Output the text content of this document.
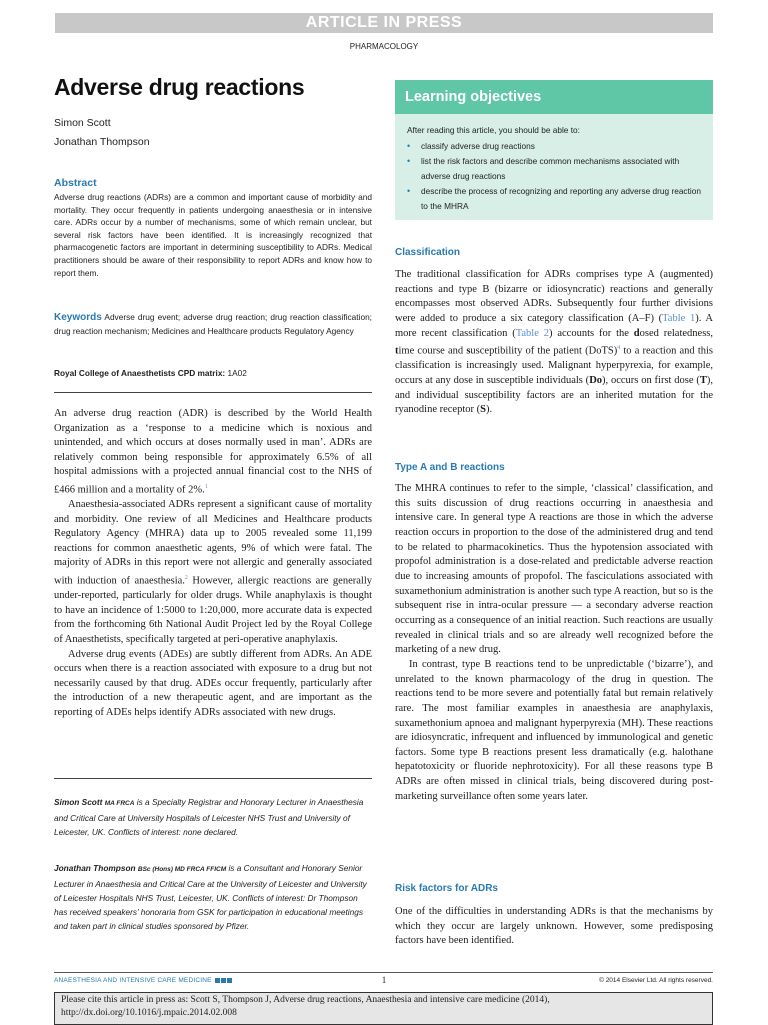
ARTICLE IN PRESS
PHARMACOLOGY
Adverse drug reactions
Simon Scott
Jonathan Thompson
Abstract
Adverse drug reactions (ADRs) are a common and important cause of morbidity and mortality. They occur frequently in patients undergoing anaesthesia or in intensive care. ADRs occur by a number of mechanisms, some of which remain unclear, but several risk factors have been identified. It is increasingly recognized that pharmacogenetic factors are important in determining susceptibility to ADRs. Medical practitioners should be aware of their responsibility to report ADRs and know how to report them.
Keywords Adverse drug event; adverse drug reaction; drug reaction classification; drug reaction mechanism; Medicines and Healthcare products Regulatory Agency
Royal College of Anaesthetists CPD matrix: 1A02

An adverse drug reaction (ADR) is described by the World Health Organization as a ‘response to a medicine which is noxious and unintended, and which occurs at doses normally used in man’. ADRs are relatively common being responsible for approximately 6.5% of all hospital admissions with a projected annual financial cost to the NHS of £466 million and a mortality of 2%.$^1$

Anaesthesia-associated ADRs represent a significant cause of mortality and morbidity. One review of all Medicines and Healthcare products Regulatory Agency (MHRA) data up to 2005 revealed some 11,199 reactions for common anaesthetic agents, 9% of which were fatal. The majority of ADRs in this report were not allergic and generally associated with induction of anaesthesia.$^2$ However, allergic reactions are generally under-reported, particularly for older drugs. While anaphylaxis is thought to have an incidence of 1:5000 to 1:20,000, more accurate data is expected from the forthcoming 6th National Audit Project led by the Royal College of Anaesthetists, specifically targeted at peri-operative anaphylaxis.

Adverse drug events (ADEs) are subtly different from ADRs. An ADE occurs when there is a reaction associated with exposure to a drug but not necessarily caused by that drug. ADEs occur frequently, particularly after the introduction of a new therapeutic agent, and are important as the reporting of ADEs helps identify ADRs associated with new drugs.

Simon Scott MA FRCA is a Specialty Registrar and Honorary Lecturer in Anaesthesia and Critical Care at University Hospitals of Leicester NHS Trust and University of Leicester, UK. Conflicts of interest: none declared.
Jonathan Thompson BSc (Hons) MD FRCA FFICM is a Consultant and Honorary Senior Lecturer in Anaesthesia and Critical Care at the University of Leicester and University of Leicester Hospitals NHS Trust, Leicester, UK. Conflicts of interest: Dr Thompson has received speakers’ honoraria from GSK for participation in educational meetings and taken part in clinical studies sponsored by Pfizer.
Learning objectives
After reading this article, you should be able to:
• classify adverse drug reactions
• list the risk factors and describe common mechanisms associated with adverse drug reactions
• describe the process of recognizing and reporting any adverse drug reaction to the MHRA
Classification
The traditional classification for ADRs comprises type A (augmented) reactions and type B (bizarre or idiosyncratic) reactions and generally encompasses most observed ADRs. Subsequently four further divisions were added to produce a six category classification (A–F) (Table 1). A more recent classification (Table 2) accounts for the dosed relatedness, time course and susceptibility of the patient (DoTS)$^4$ to a reaction and this classification is increasingly used. Malignant hyperpyrexia, for example, occurs at any dose in susceptible individuals (Do), occurs on first dose (T), and individual susceptibility factors are an inherited mutation for the ryanodine receptor (S).
Type A and B reactions

The MHRA continues to refer to the simple, ‘classical’ classification, and this suits discussion of drug reactions occurring in anaesthesia and intensive care. In general type A reactions are those in which the adverse reaction occurs in proportion to the dose of the administered drug and tend to be related to pharmacokinetics. Thus the hypotension associated with propofol administration is a dose-related and predictable adverse reaction due to increasing amounts of propofol. The fasciculations associated with suxamethonium administration is another such type A reaction, but so is the subsequent rise in intra-ocular pressure — a secondary adverse reaction occurring as a consequence of an initial reaction. Such reactions are usually revealed in clinical trials and so are already well recognized before the marketing of a new drug.

In contrast, type B reactions tend to be unpredictable (‘bizarre’), and unrelated to the known pharmacology of the drug in question. The reactions tend to be more severe and potentially fatal but remain relatively rare. The most familiar examples in anaesthesia are anaphylaxis, suxamethonium apnoea and malignant hyperpyrexia (MH). These reactions are idiosyncratic, infrequent and influenced by immunological and genetic factors. Some type B reactions present less dramatically (e.g. halothane hepatotoxicity or fluoride nephrotoxicity). For all these reasons type B ADRs are often missed in clinical trials, being discovered during post-marketing surveillance often some years later.

Risk factors for ADRs
One of the difficulties in understanding ADRs is that the mechanisms by which they occur are largely unknown. However, some predisposing factors have been identified.
ANAESTHESIA AND INTENSIVE CARE MEDICINE	1	© 2014 Elsevier Ltd. All rights reserved.
Please cite this article in press as: Scott S, Thompson J, Adverse drug reactions, Anaesthesia and intensive care medicine (2014), http://dx.doi.org/10.1016/j.mpaic.2014.02.008
